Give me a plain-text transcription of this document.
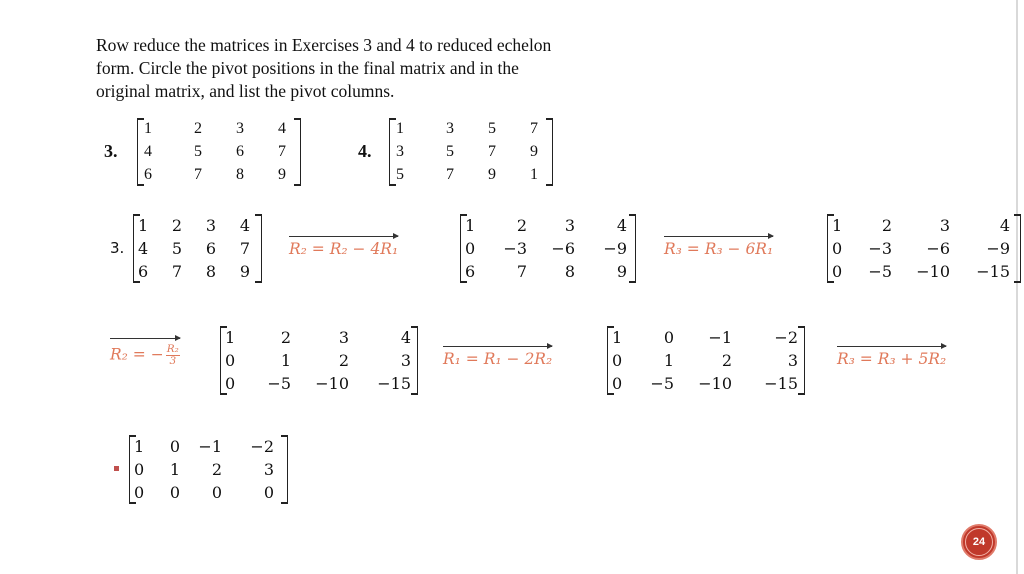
Row reduce the matrices in Exercises 3 and 4 to reduced echelon
form. Circle the pivot positions in the final matrix and in the
original matrix, and list the pivot columns.
3.
1	2	3	4
4	5	6	7
6	7	8	9
4.
1	3	5	7
3	5	7	9
5	7	9	1
3.
1	2	3	4
4	5	6	7
6	7	8	9
R₂ = R₂ − 4R₁
1	2	3	4
0	−3	−6	−9
6	7	8	9
R₃ = R₃ − 6R₁
1	2	3	4
0	−3	−6	−9
0	−5	−10	−15
R₂ = − $\frac{\text{R₂}}{3}$
1	2	3	4
0	1	2	3
0	−5	−10	−15
R₁ = R₁ − 2R₂
1	0	−1	−2
0	1	2	3
0	−5	−10	−15
R₃ = R₃ + 5R₂
1	0	−1	−2
0	1	2	3
0	0	0	0
24
